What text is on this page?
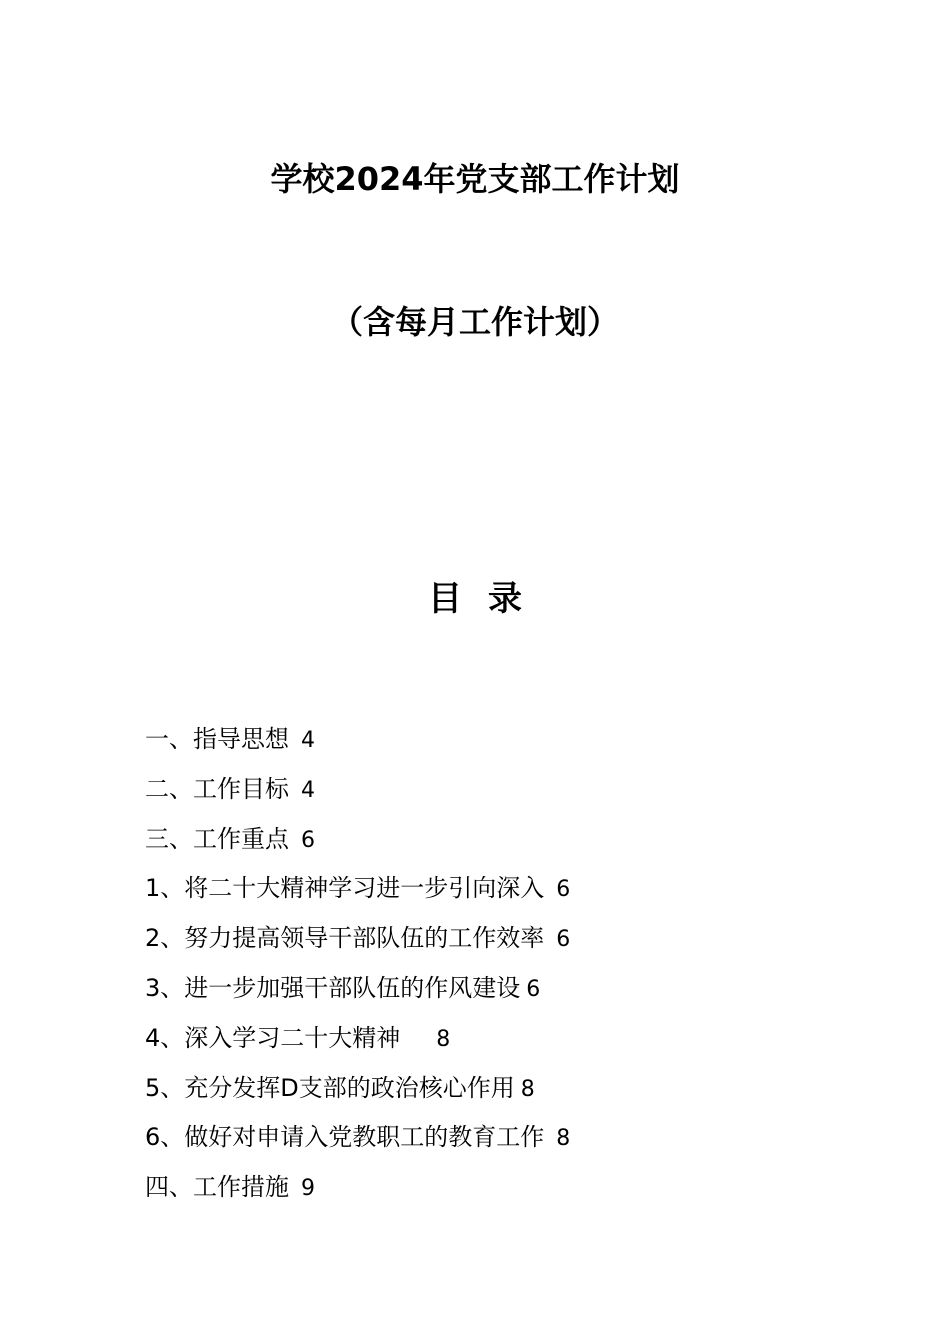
学校2024年党支部工作计划
（含每月工作计划）
目 录
一、指导思想 4
二、工作目标 4
三、工作重点 6
1、将二十大精神学习进一步引向深入 6
2、努力提高领导干部队伍的工作效率 6
3、进一步加强干部队伍的作风建设 6
4、深入学习二十大精神 8
5、充分发挥D支部的政治核心作用 8
6、做好对申请入党教职工的教育工作 8
四、工作措施 9
